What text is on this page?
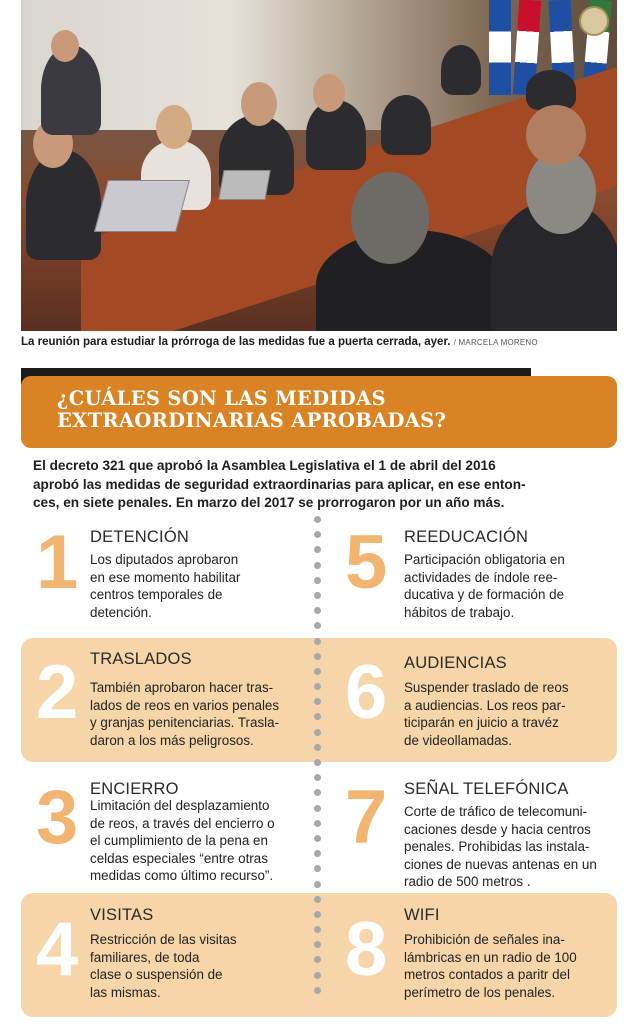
La reunión para estudiar la prórroga de las medidas fue a puerta cerrada, ayer. / MARCELA MORENO
¿CUÁLES SON LAS MEDIDAS
EXTRAORDINARIAS APROBADAS?
El decreto 321 que aprobó la Asamblea Legislativa el 1 de abril del 2016
aprobó las medidas de seguridad extraordinarias para aplicar, en ese enton-
ces, en siete penales. En marzo del 2017 se prorrogaron por un año más.
1 DETENCIÓN
Los diputados aprobaron
en ese momento habilitar
centros temporales de
detención.
5 REEDUCACIÓN
Participación obligatoria en
actividades de índole ree-
ducativa y de formación de
hábitos de trabajo.
2 TRASLADOS
También aprobaron hacer tras-
lados de reos en varios penales
y granjas penitenciarias. Trasla-
daron a los más peligrosos.
6 AUDIENCIAS
Suspender traslado de reos
a audiencias. Los reos par-
ticiparán en juicio a travéz
de videollamadas.
3 ENCIERRO
Limitación del desplazamiento
de reos, a través del encierro o
el cumplimiento de la pena en
celdas especiales “entre otras
medidas como último recurso”.
7 SEÑAL TELEFÓNICA
Corte de tráfico de telecomuni-
caciones desde y hacia centros
penales. Prohibidas las instala-
ciones de nuevas antenas en un
radio de 500 metros .
4 VISITAS
Restricción de las visitas
familiares, de toda
clase o suspensión de
las mismas.	8 WIFI
Prohibición de señales ina-
lámbricas en un radio de 100
metros contados a paritr del
perímetro de los penales.
